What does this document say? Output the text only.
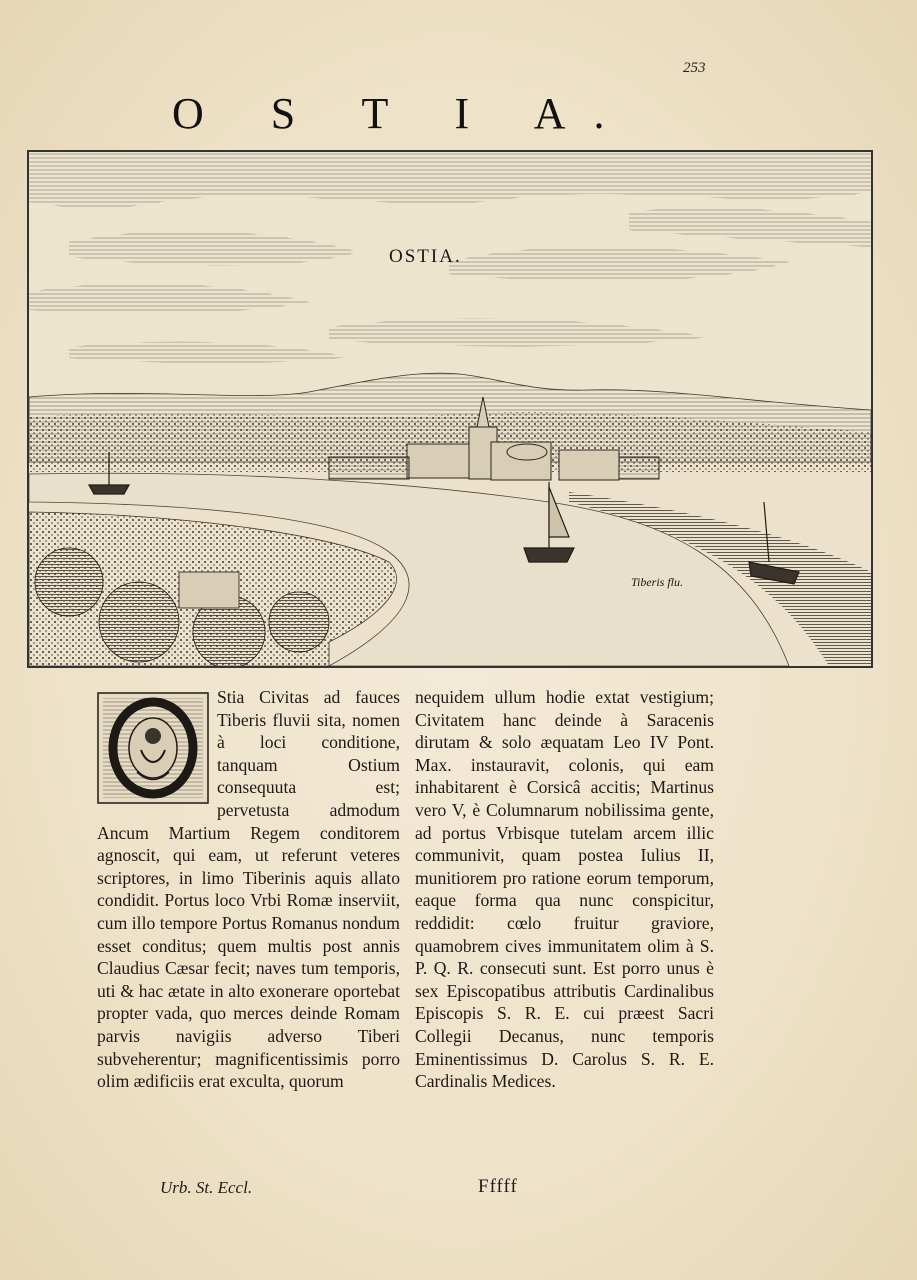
253
O S T I A.
OSTIA.
Tiberis flu.
O
Stia Civitas ad fauces Tiberis fluvii sita, nomen à loci conditione, tanquam Ostium consequuta est; pervetusta admodum Ancum Martium Regem conditorem agnoscit, qui eam, ut referunt veteres scriptores, in limo Tiberinis aquis allato condidit. Portus loco Vrbi Romæ inserviit, cum illo tempore Portus Romanus nondum esset conditus; quem multis post annis Claudius Cæsar fecit; naves tum temporis, uti & hac ætate in alto exonerare oportebat propter vada, quo merces deinde Romam parvis navigiis adverso Tiberi subveherentur; magnificentissimis porro olim ædificiis erat exculta, quorum
nequidem ullum hodie extat vestigium; Civitatem hanc deinde à Saracenis dirutam & solo æquatam Leo IV Pont. Max. instauravit, colonis, qui eam inhabitarent è Corsicâ accitis; Martinus vero V, è Columnarum nobilissima gente, ad portus Vrbisque tutelam arcem illic communivit, quam postea Iulius II, munitiorem pro ratione eorum temporum, eaque forma qua nunc conspicitur, reddidit: cœlo fruitur graviore, quamobrem cives immunitatem olim à S. P. Q. R. consecuti sunt. Est porro unus è sex Episcopatibus attributis Cardinalibus Episcopis S. R. E. cui præest Sacri Collegii Decanus, nunc temporis Eminentissimus D. Carolus S. R. E. Cardinalis Medices.
Urb. St. Eccl.	Fffff
